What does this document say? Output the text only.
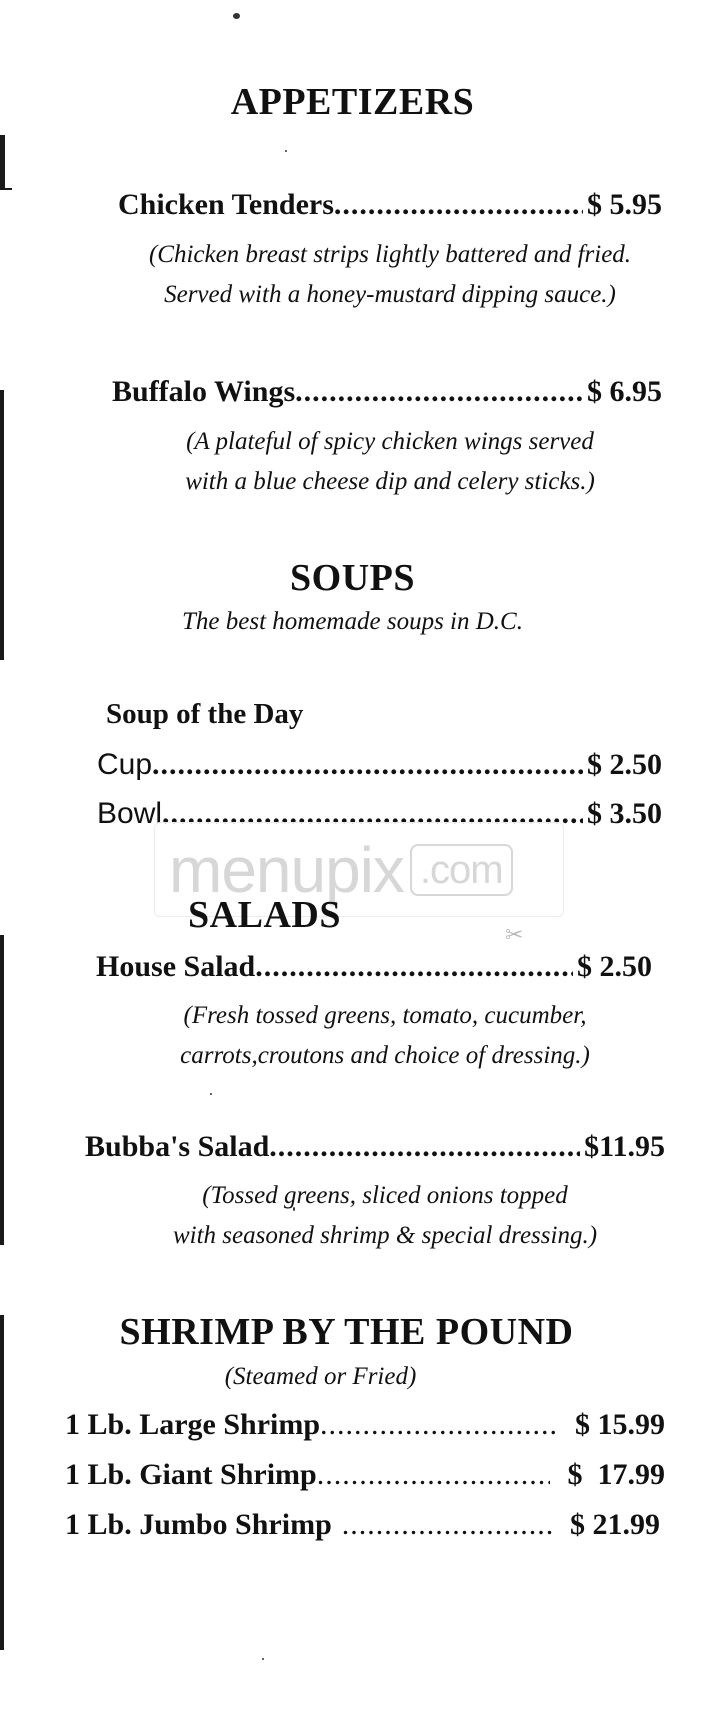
APPETIZERS
Chicken Tenders .....	$ 5.95
(Chicken breast strips lightly battered and fried.
Served with a honey-mustard dipping sauce.)
Buffalo Wings .....	$ 6.95
(A plateful of spicy chicken wings served
with a blue cheese dip and celery sticks.)
SOUPS
The best homemade soups in D.C.
Soup of the Day
Cup .....	$ 2.50
Bowl .....	$ 3.50
menupix .com
SALADS	✂
House Salad .....	$ 2.50
(Fresh tossed greens, tomato, cucumber,
carrots,croutons and choice of dressing.)
Bubba's Salad .....	$11.95
(Tossed greens, sliced onions topped
with seasoned shrimp & special dressing.)
SHRIMP BY THE POUND
(Steamed or Fried)
1 Lb. Large Shrimp .....	$ 15.99
1 Lb. Giant Shrimp .....	$  17.99
1 Lb. Jumbo Shrimp .....	$ 21.99
